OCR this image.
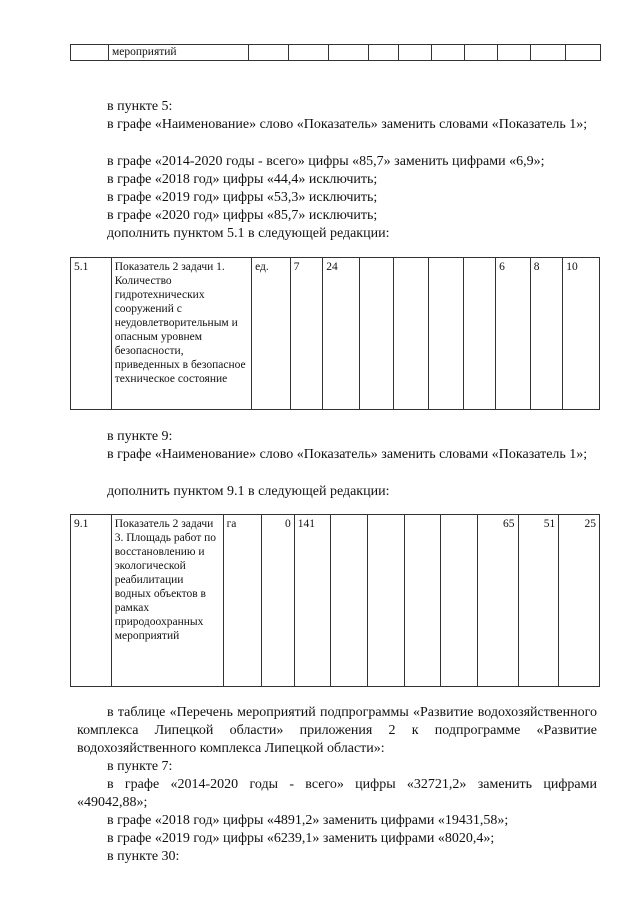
	мероприятий										
в пункте 5:
в графе «Наименование» слово «Показатель» заменить словами «Показатель 1»;
в графе «2014-2020 годы - всего» цифры «85,7» заменить цифрами «6,9»;
в графе «2018 год» цифры «44,4» исключить;
в графе «2019 год» цифры «53,3» исключить;
в графе «2020 год» цифры «85,7» исключить;
дополнить пунктом 5.1 в следующей редакции:
5.1	Показатель 2 задачи 1. Количество гидротехнических сооружений с неудовлетворительным и опасным уровнем безопасности, приведенных в безопасное техническое состояние	ед.	7	24					6	8	10
в пункте 9:
в графе «Наименование» слово «Показатель» заменить словами «Показатель 1»;
дополнить пунктом 9.1 в следующей редакции:
9.1	Показатель 2 задачи 3. Площадь работ по восстановлению и экологической реабилитации водных объектов в рамках природоохранных мероприятий	га	0	141					65	51	25
в таблице «Перечень мероприятий подпрограммы «Развитие водохозяйственного комплекса Липецкой области» приложения 2 к подпрограмме «Развитие водохозяйственного комплекса Липецкой области»:
в пункте 7:
в графе «2014-2020 годы - всего» цифры «32721,2» заменить цифрами «49042,88»;
в графе «2018 год» цифры «4891,2» заменить цифрами «19431,58»;
в графе «2019 год» цифры «6239,1» заменить цифрами «8020,4»;
в пункте 30:
